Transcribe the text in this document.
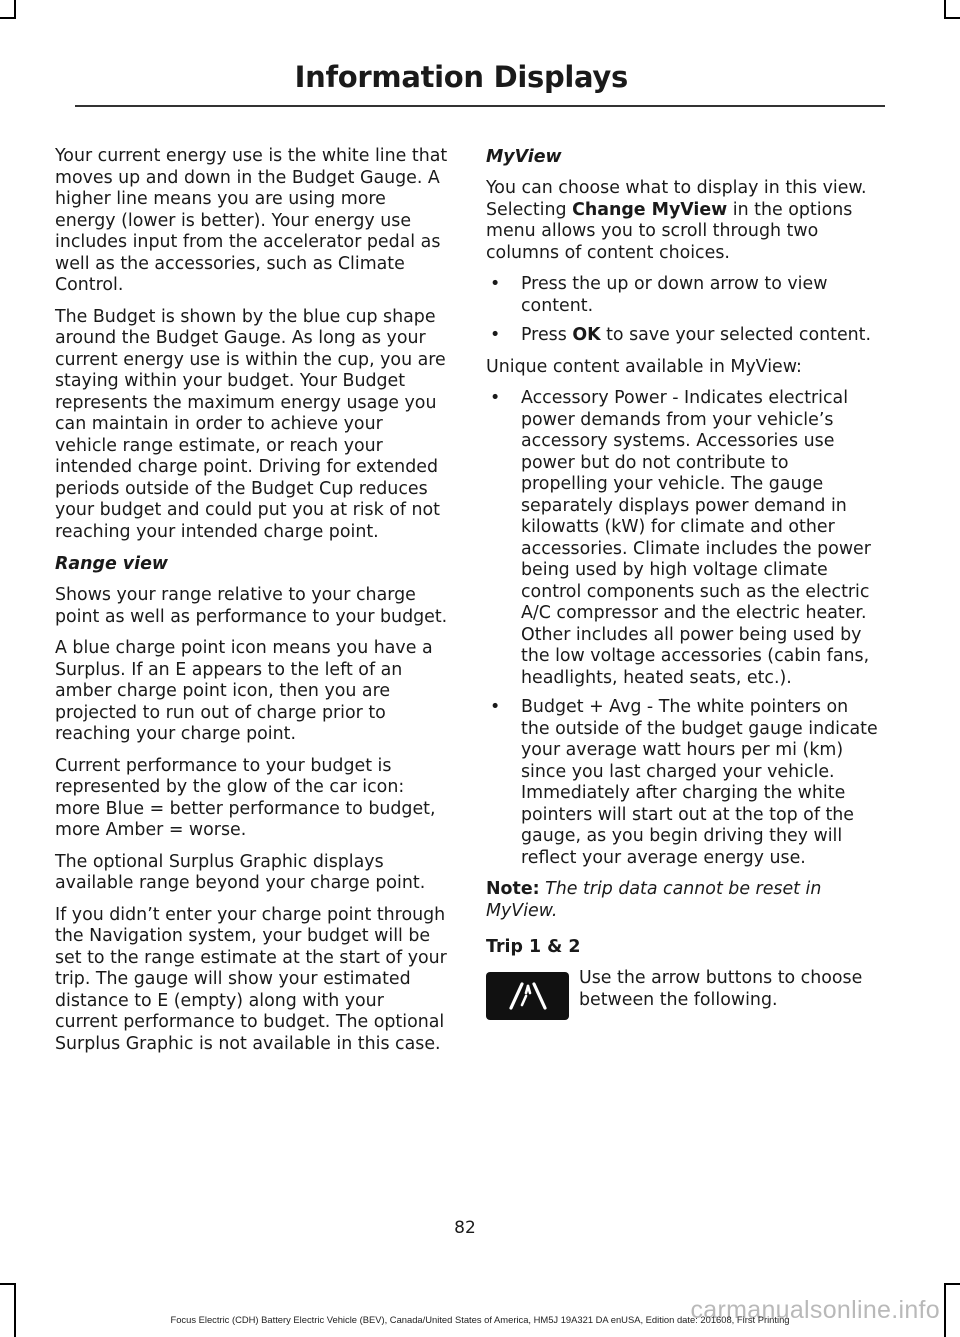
Information Displays

Your current energy use is the white line that moves up and down in the Budget Gauge. A higher line means you are using more energy (lower is better). Your energy use includes input from the accelerator pedal as well as the accessories, such as Climate Control.

The Budget is shown by the blue cup shape around the Budget Gauge. As long as your current energy use is within the cup, you are staying within your budget. Your Budget represents the maximum energy usage you can maintain in order to achieve your vehicle range estimate, or reach your intended charge point. Driving for extended periods outside of the Budget Cup reduces your budget and could put you at risk of not reaching your intended charge point.

Range view

Shows your range relative to your charge point as well as performance to your budget.

A blue charge point icon means you have a Surplus. If an E appears to the left of an amber charge point icon, then you are projected to run out of charge prior to reaching your charge point.

Current performance to your budget is represented by the glow of the car icon: more Blue = better performance to budget, more Amber = worse.

The optional Surplus Graphic displays available range beyond your charge point.

If you didn’t enter your charge point through the Navigation system, your budget will be set to the range estimate at the start of your trip. The gauge will show your estimated distance to E (empty) along with your current performance to budget. The optional Surplus Graphic is not available in this case.

MyView

You can choose what to display in this view. Selecting Change MyView in the options menu allows you to scroll through two columns of content choices.

• Press the up or down arrow to view content.
• Press OK to save your selected content.

Unique content available in MyView:

• Accessory Power - Indicates electrical power demands from your vehicle’s accessory systems. Accessories use power but do not contribute to propelling your vehicle. The gauge separately displays power demand in kilowatts (kW) for climate and other accessories. Climate includes the power being used by high voltage climate control components such as the electric A/C compressor and the electric heater. Other includes all power being used by the low voltage accessories (cabin fans, headlights, heated seats, etc.).
• Budget + Avg - The white pointers on the outside of the budget gauge indicate your average watt hours per mi (km) since you last charged your vehicle. Immediately after charging the white pointers will start out at the top of the gauge, as you begin driving they will reflect your average energy use.

Note: The trip data cannot be reset in MyView.

Trip 1 & 2

Use the arrow buttons to choose between the following.

82
carmanualsonline.info
Focus Electric (CDH) Battery Electric Vehicle (BEV), Canada/United States of America, HM5J 19A321 DA enUSA, Edition date: 201608, First Printing
